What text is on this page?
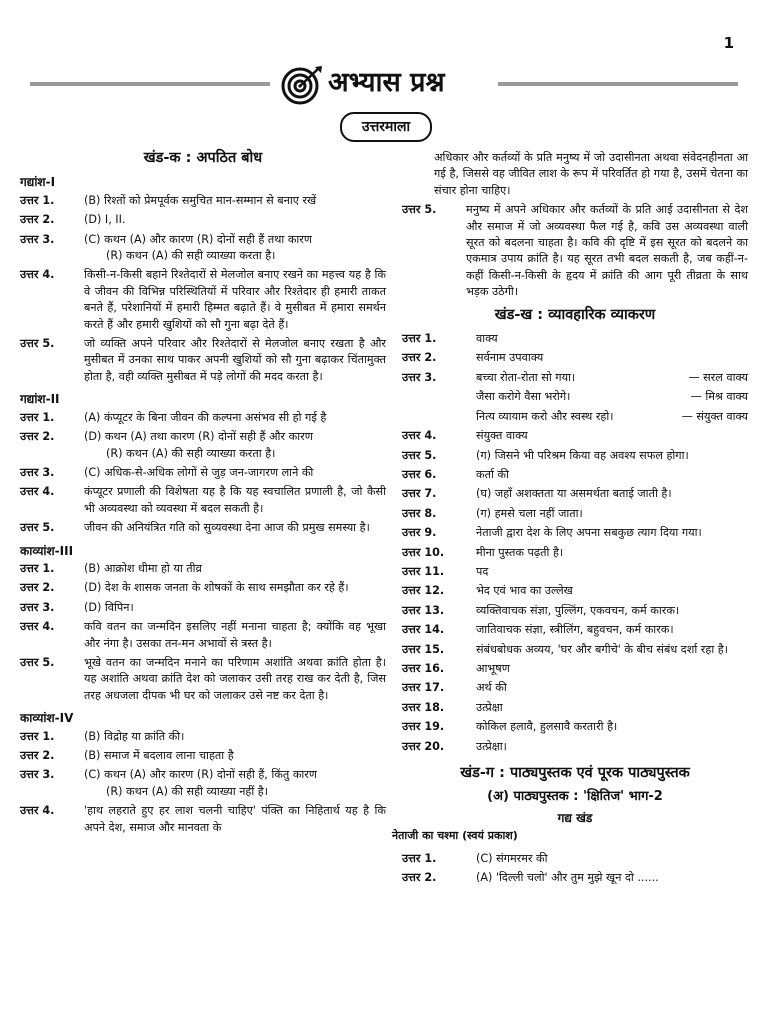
1
अभ्यास प्रश्न
उत्तरमाला
खंड-क : अपठित बोध
गद्यांश-I
उत्तर 1.	(B) रिश्तों को प्रेमपूर्वक समुचित मान-सम्मान से बनाए रखें
उत्तर 2.	(D) I, II.
उत्तर 3.	(C) कथन (A) और कारण (R) दोनों सही हैं तथा कारण
(R) कथन (A) की सही व्याख्या करता है।
उत्तर 4.	किसी-न-किसी बहाने रिश्तेदारों से मेलजोल बनाए रखने का महत्त्व यह है कि वे जीवन की विभिन्न परिस्थितियों में परिवार और रिश्तेदार ही हमारी ताकत बनते हैं, परेशानियों में हमारी हिम्मत बढ़ाते हैं। वे मुसीबत में हमारा समर्थन करते हैं और हमारी खुशियों को सौ गुना बढ़ा देते हैं।
उत्तर 5.	जो व्यक्ति अपने परिवार और रिश्तेदारों से मेलजोल बनाए रखता है और मुसीबत में उनका साथ पाकर अपनी खुशियों को सौ गुना बढ़ाकर चिंतामुक्त होता है, वही व्यक्ति मुसीबत में पड़े लोगों की मदद करता है।
गद्यांश-II
उत्तर 1.	(A) कंप्यूटर के बिना जीवन की कल्पना असंभव सी हो गई है
उत्तर 2.	(D) कथन (A) तथा कारण (R) दोनों सही हैं और कारण
(R) कथन (A) की सही व्याख्या करता है।
उत्तर 3.	(C) अधिक-से-अधिक लोगों से जुड़ जन-जागरण लाने की
उत्तर 4.	कंप्यूटर प्रणाली की विशेषता यह है कि यह स्वचालित प्रणाली है, जो कैसी भी अव्यवस्था को व्यवस्था में बदल सकती है।
उत्तर 5.	जीवन की अनियंत्रित गति को सुव्यवस्था देना आज की प्रमुख समस्या है।
काव्यांश-III
उत्तर 1.	(B) आक्रोश धीमा हो या तीव्र
उत्तर 2.	(D) देश के शासक जनता के शोषकों के साथ समझौता कर रहे हैं।
उत्तर 3.	(D) विपिन।
उत्तर 4.	कवि वतन का जन्मदिन इसलिए नहीं मनाना चाहता है; क्योंकि वह भूखा और नंगा है। उसका तन-मन अभावों से त्रस्त है।
उत्तर 5.	भूखे वतन का जन्मदिन मनाने का परिणाम अशांति अथवा क्रांति होता है। यह अशांति अथवा क्रांति देश को जलाकर उसी तरह राख कर देती है, जिस तरह अधजला दीपक भी घर को जलाकर उसे नष्ट कर देता है।
काव्यांश-IV
उत्तर 1.	(B) विद्रोह या क्रांति की।
उत्तर 2.	(B) समाज में बदलाव लाना चाहता है
उत्तर 3.	(C) कथन (A) और कारण (R) दोनों सही हैं, किंतु कारण
(R) कथन (A) की सही व्याख्या नहीं है।
उत्तर 4.	'हाथ लहराते हुए हर लाश चलनी चाहिए' पंक्ति का निहितार्थ यह है कि अपने देश, समाज और मानवता के
अधिकार और कर्तव्यों के प्रति मनुष्य में जो उदासीनता अथवा संवेदनहीनता आ गई है, जिससे वह जीवित लाश के रूप में परिवर्तित हो गया है, उसमें चेतना का संचार होना चाहिए।
उत्तर 5.	मनुष्य में अपने अधिकार और कर्तव्यों के प्रति आई उदासीनता से देश और समाज में जो अव्यवस्था फैल गई है, कवि उस अव्यवस्था वाली सूरत को बदलना चाहता है। कवि की दृष्टि में इस सूरत को बदलने का एकमात्र उपाय क्रांति है। यह सूरत तभी बदल सकती है, जब कहीं-न-कहीं किसी-न-किसी के हृदय में क्रांति की आग पूरी तीव्रता के साथ भड़क उठेगी।
खंड-ख : व्यावहारिक व्याकरण
उत्तर 1.	वाक्य
उत्तर 2.	सर्वनाम उपवाक्य
उत्तर 3.	बच्चा रोता-रोता सो गया।	— सरल वाक्य
जैसा करोगे वैसा भरोगे।	— मिश्र वाक्य
नित्य व्यायाम करो और स्वस्थ रहो।	— संयुक्त वाक्य
उत्तर 4.	संयुक्त वाक्य
उत्तर 5.	(ग) जिसने भी परिश्रम किया वह अवश्य सफल होगा।
उत्तर 6.	कर्ता की
उत्तर 7.	(घ) जहाँ अशक्तता या असमर्थता बताई जाती है।
उत्तर 8.	(ग) हमसे चला नहीं जाता।
उत्तर 9.	नेताजी द्वारा देश के लिए अपना सबकुछ त्याग दिया गया।
उत्तर 10.	मीना पुस्तक पढ़ती है।
उत्तर 11.	पद
उत्तर 12.	भेद एवं भाव का उल्लेख
उत्तर 13.	व्यक्तिवाचक संज्ञा, पुल्लिंग, एकवचन, कर्म कारक।
उत्तर 14.	जातिवाचक संज्ञा, स्त्रीलिंग, बहुवचन, कर्म कारक।
उत्तर 15.	संबंधबोधक अव्यय, 'घर और बगीचे' के बीच संबंध दर्शा रहा है।
उत्तर 16.	आभूषण
उत्तर 17.	अर्थ की
उत्तर 18.	उत्प्रेक्षा
उत्तर 19.	कोकिल हलावै, हुलसावै करतारी है।
उत्तर 20.	उत्प्रेक्षा।
खंड-ग : पाठ्यपुस्तक एवं पूरक पाठ्यपुस्तक
(अ) पाठ्यपुस्तक : 'क्षितिज' भाग-2
गद्य खंड
नेताजी का चश्मा (स्वयं प्रकाश)
उत्तर 1.	(C) संगमरमर की
उत्तर 2.	(A) 'दिल्ली चलो' और तुम मुझे खून दो ......
